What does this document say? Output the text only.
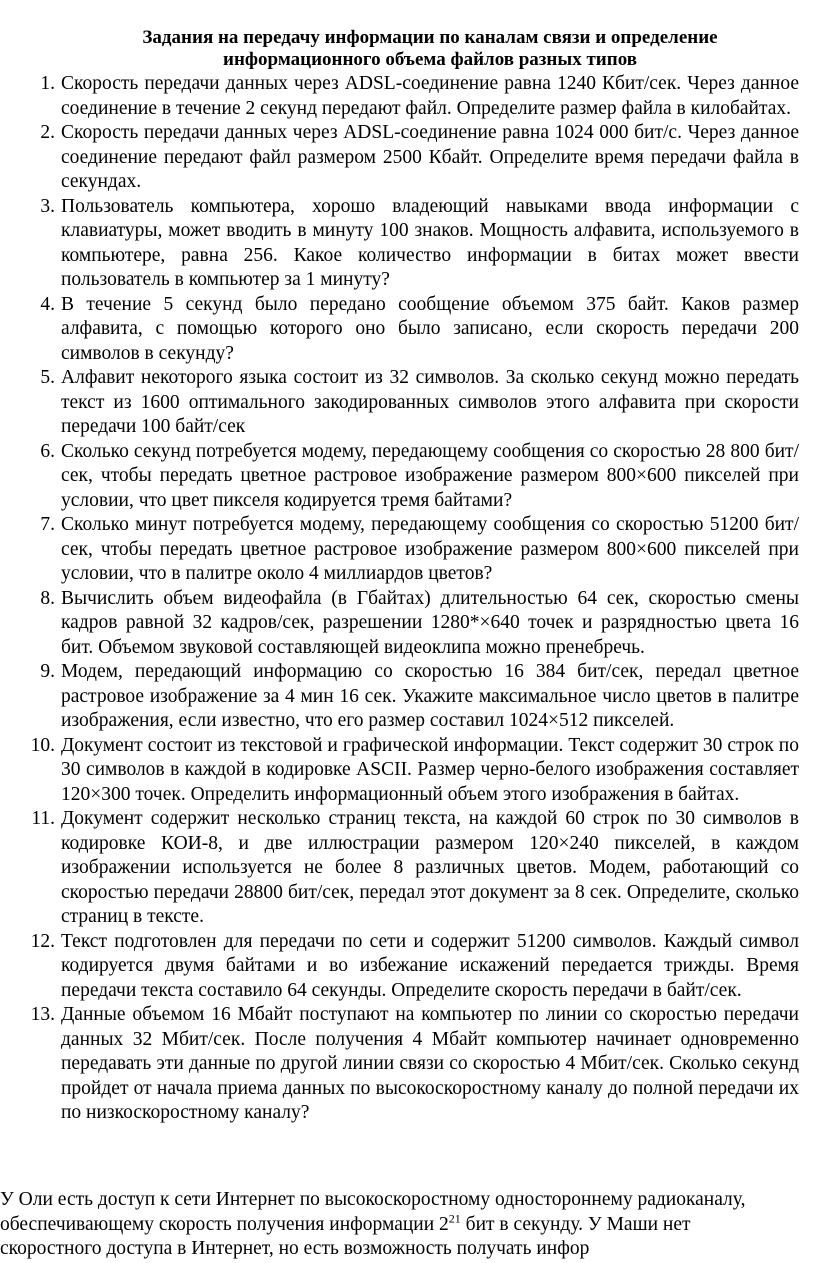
Задания на передачу информации по каналам связи и определение
информационного объема файлов разных типов
1. Скорость передачи данных через ADSL-соединение равна 1240 Кбит/сек. Через данное соединение в течение 2 секунд передают файл. Определите размер файла в килобайтах.
2. Скорость передачи данных через ADSL-соединение равна 1024 000 бит/с. Через данное соединение передают файл размером 2500 Кбайт. Определите время передачи файла в секундах.
3. Пользователь компьютера, хорошо владеющий навыками ввода информации с клавиатуры, может вводить в минуту 100 знаков. Мощность алфавита, используемого в компьютере, равна 256. Какое количество информации в битах может ввести пользователь в компьютер за 1 минуту?
4. В течение 5 секунд было передано сообщение объемом 375 байт. Каков размер алфавита, с помощью которого оно было записано, если скорость передачи 200 символов в секунду?
5. Алфавит некоторого языка состоит из 32 символов. За сколько секунд можно передать текст из 1600 оптимального закодированных символов этого алфавита при скорости передачи 100 байт/сек
6. Сколько секунд потребуется модему, передающему сообщения со скоростью 28 800 бит/сек, чтобы передать цветное растровое изображение размером 800×600 пикселей при условии, что цвет пикселя кодируется тремя байтами?
7. Сколько минут потребуется модему, передающему сообщения со скоростью 51200 бит/сек, чтобы передать цветное растровое изображение размером 800×600 пикселей при условии, что в палитре около 4 миллиардов цветов?
8. Вычислить объем видеофайла (в Гбайтах) длительностью 64 сек, скоростью смены кадров равной 32 кадров/сек, разрешении 1280*×640 точек и разрядностью цвета 16 бит. Объемом звуковой составляющей видеоклипа можно пренебречь.
9. Модем, передающий информацию со скоростью 16 384 бит/сек, передал цветное растровое изображение за 4 мин 16 сек. Укажите максимальное число цветов в палитре изображения, если известно, что его размер составил 1024×512 пикселей.
10. Документ состоит из текстовой и графической информации. Текст содержит 30 строк по 30 символов в каждой в кодировке ASCII. Размер черно-белого изображения составляет 120×300 точек. Определить информационный объем этого изображения в байтах.
11. Документ содержит несколько страниц текста, на каждой 60 строк по 30 символов в кодировке КОИ-8, и две иллюстрации размером 120×240 пикселей, в каждом изображении используется не более 8 различных цветов. Модем, работающий со скоростью передачи 28800 бит/сек, передал этот документ за 8 сек. Определите, сколько страниц в тексте.
12. Текст подготовлен для передачи по сети и содержит 51200 символов. Каждый символ кодируется двумя байтами и во избежание искажений передается трижды. Время передачи текста составило 64 секунды. Определите скорость передачи в байт/сек.
13. Данные объемом 16 Мбайт поступают на компьютер по линии со скоростью передачи данных 32 Мбит/сек. После получения 4 Мбайт компьютер начинает одновременно передавать эти данные по другой линии связи со скоростью 4 Мбит/сек. Сколько секунд пройдет от начала приема данных по высокоскоростному каналу до полной передачи их по низкоскоростному каналу?
У Оли есть доступ к сети Интернет по высокоскоростному одностороннему радиоканалу,
обеспечивающему скорость получения информации $2^{21}$ бит в секунду. У Маши нет
скоростного доступа в Интернет, но есть возможность получать инфор
